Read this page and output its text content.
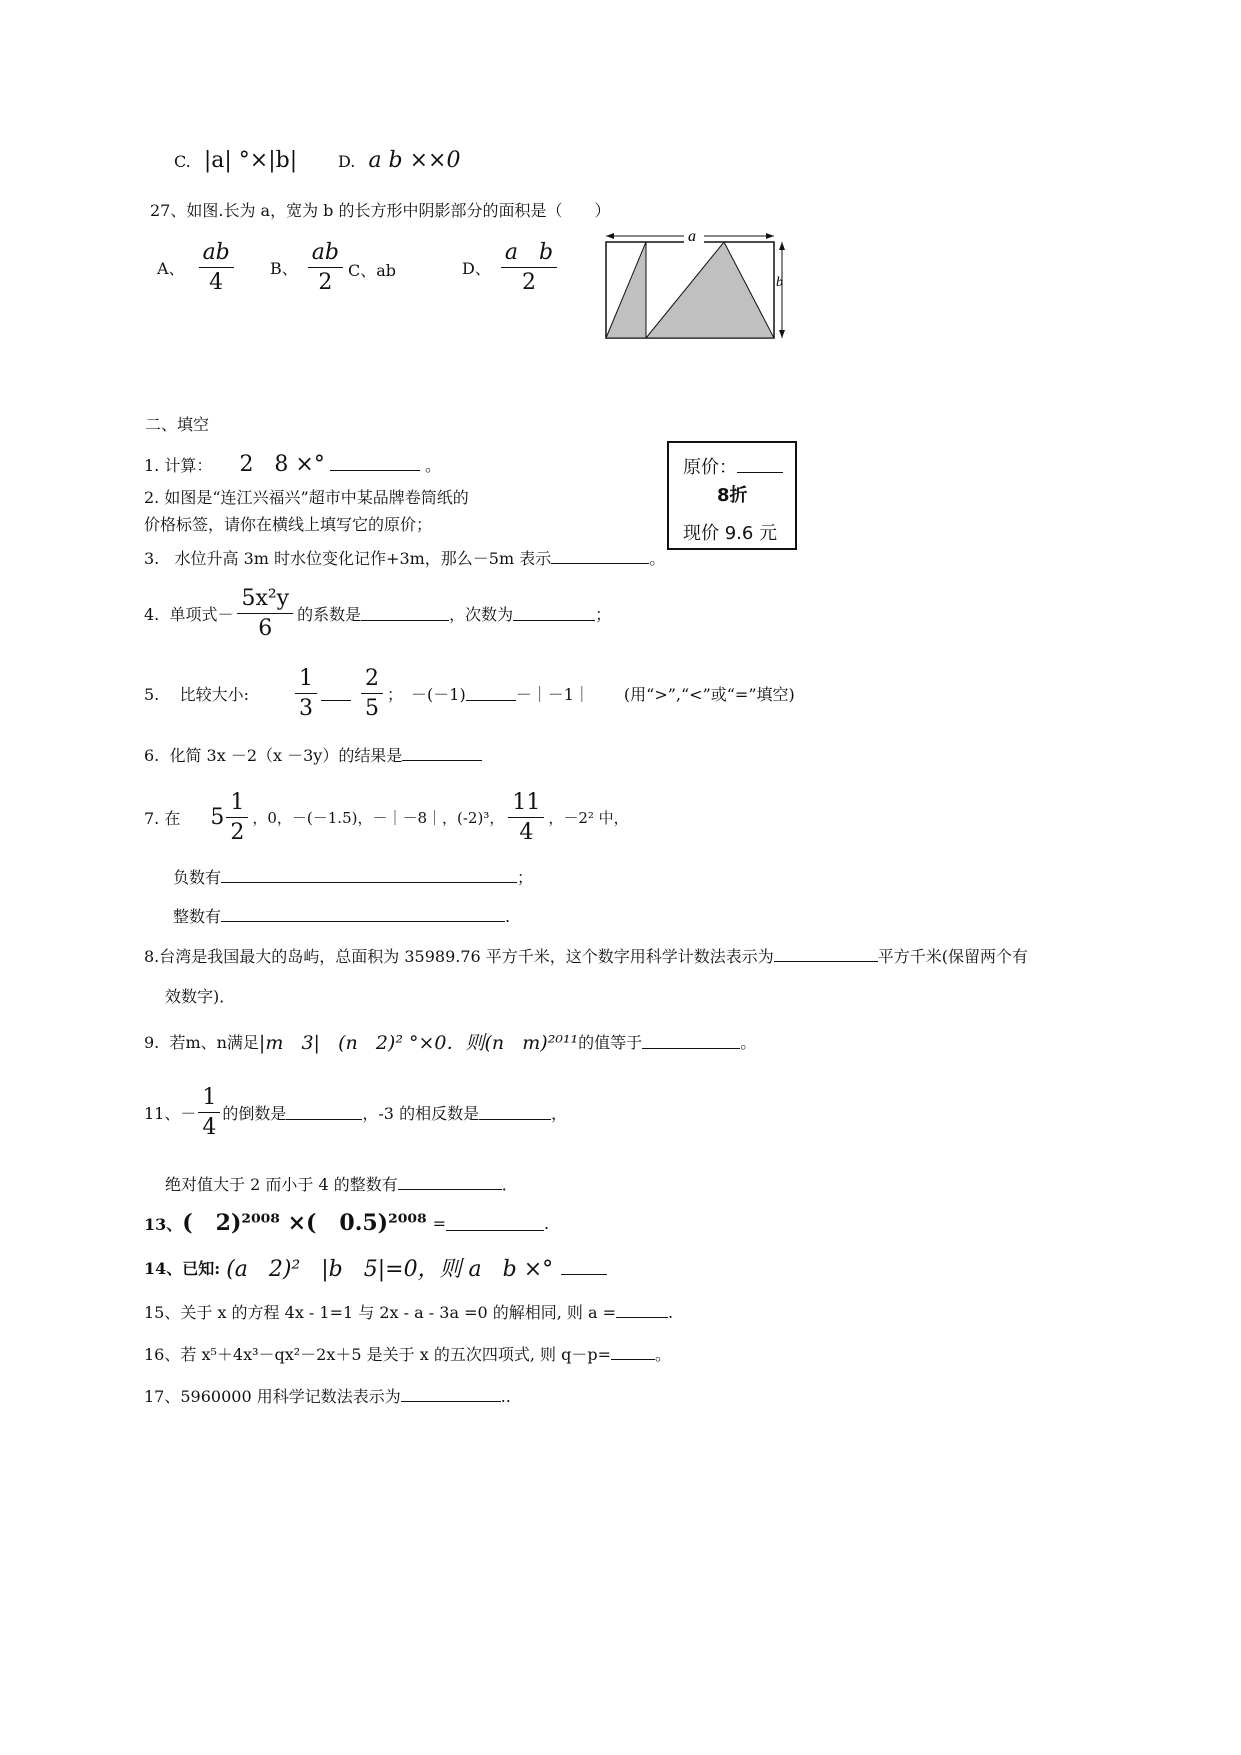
C. |a| °×|b|	D. a b ××0
27、如图.长为 a，宽为 b 的长方形中阴影部分的面积是（　　）
A、 $\frac{ab}{4}$ B、 $\frac{ab}{2}$ C、ab	D、 $\frac{\text{a   b}}{2}$
a
b
二、填空
原价：
8折
现价 9.6 元
1. 计算： 2   8 ×°	。
2. 如图是“连江兴福兴”超市中某品牌卷筒纸的
价格标签，请你在横线上填写它的原价；
3.   水位升高 3m 时水位变化记作+3m，那么－5m 表示	。
4.  单项式－ $\frac{\text{5x²y}}{6}$ 的系数是	，次数为	；
5.    比较大小: $\frac{1}{3} \frac{2}{5}$ ； －(－1)	－｜－1｜ (用“>”,“<”或“=”填空)
6.  化简 3x －2（x －3y）的结果是
7. 在 $5 \frac{1}{2}$ ，0，－(－1.5)，－｜－8｜，(-2)³， $\frac{11}{4}$ ，－2² 中，
负数有	；
整数有	.
8.台湾是我国最大的岛屿，总面积为 35989.76 平方千米，这个数字用科学计数法表示为	平方千米(保留两个有
效数字)．
9.  若m、n满足 |m   3|   (n   2)² °×0．则(n   m)²⁰¹¹ 的值等于	。
11、－ $\frac{1}{4}$ 的倒数是	，-3 的相反数是	，
绝对值大于 2 而小于 4 的整数有	．
13、 (   2)²⁰⁰⁸ ×(   0.5)²⁰⁰⁸ =	.
14、已知: (a   2)²   |b   5|=0，则 a   b ×°
15、关于 x 的方程 4x - 1=1 与 2x - a - 3a =0 的解相同, 则 a =	.
16、若 x⁵＋4x³－qx²－2x＋5 是关于 x 的五次四项式, 则 q－p=	。
17、5960000 用科学记数法表示为	..
